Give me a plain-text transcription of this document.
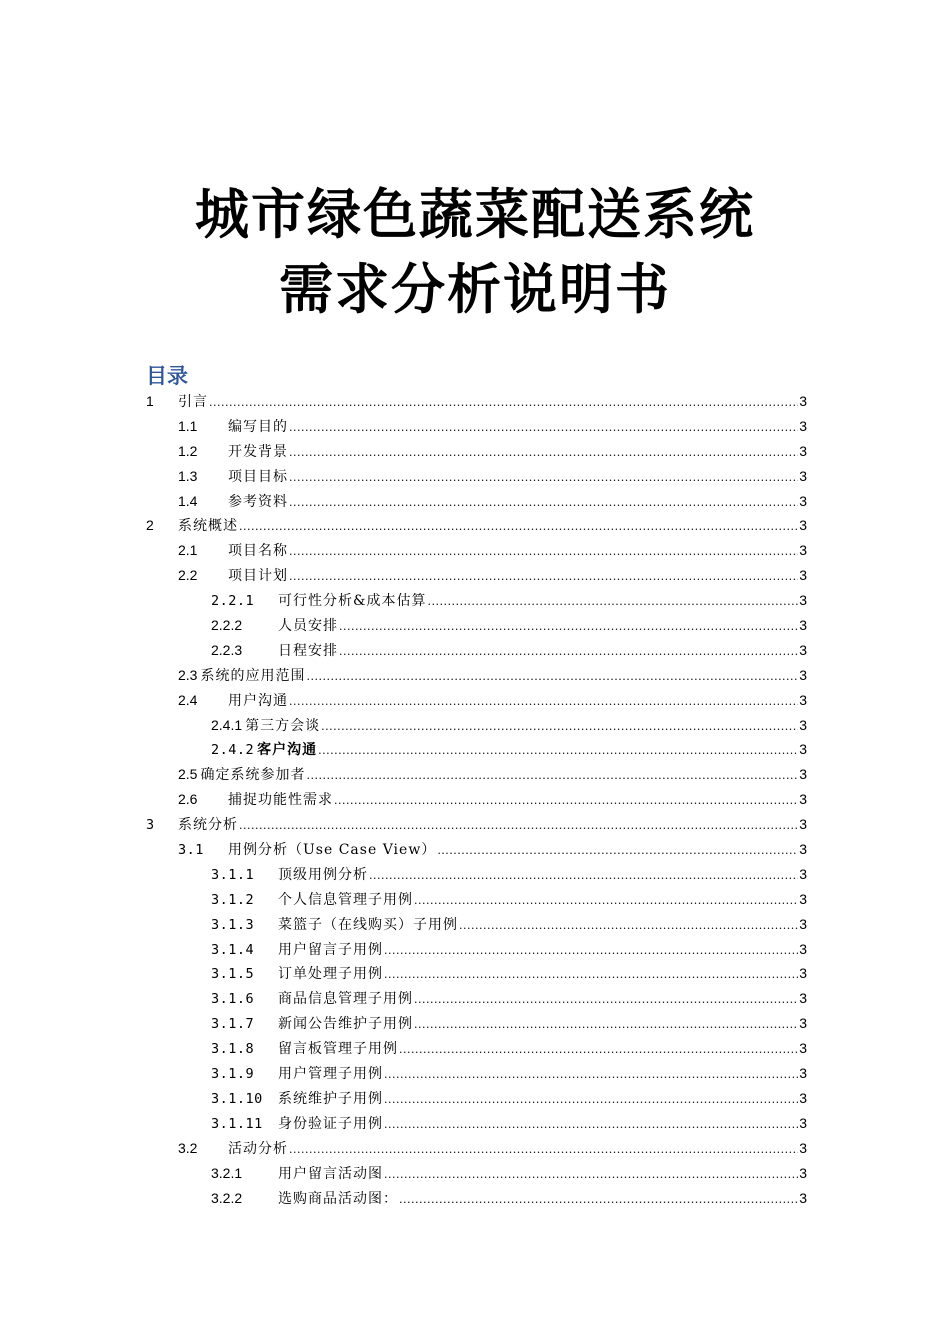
城市绿色蔬菜配送系统
需求分析说明书
目录
1	引言 .....	3
1.1	编写目的 .....	3
1.2	开发背景 .....	3
1.3	项目目标 .....	3
1.4	参考资料 .....	3
2	系统概述 .....	3
2.1	项目名称 .....	3
2.2	项目计划 .....	3
2.2.1	可行性分析&成本估算 .....	3
2.2.2	人员安排 .....	3
2.2.3	日程安排 .....	3
2.3 系统的应用范围 .....	3
2.4	用户沟通 .....	3
2.4.1 第三方会谈 .....	3
2.4.2 客户沟通 .....	3
2.5 确定系统参加者 .....	3
2.6	捕捉功能性需求 .....	3
3	系统分析 .....	3
3.1	用例分析（Use Case View） .....	3
3.1.1	顶级用例分析 .....	3
3.1.2	个人信息管理子用例 .....	3
3.1.3	菜篮子（在线购买）子用例 .....	3
3.1.4	用户留言子用例 .....	3
3.1.5	订单处理子用例 .....	3
3.1.6	商品信息管理子用例 .....	3
3.1.7	新闻公告维护子用例 .....	3
3.1.8	留言板管理子用例 .....	3
3.1.9	用户管理子用例 .....	3
3.1.10	系统维护子用例 .....	3
3.1.11	身份验证子用例 .....	3
3.2	活动分析 .....	3
3.2.1	用户留言活动图 .....	3
3.2.2	选购商品活动图： .....	3
